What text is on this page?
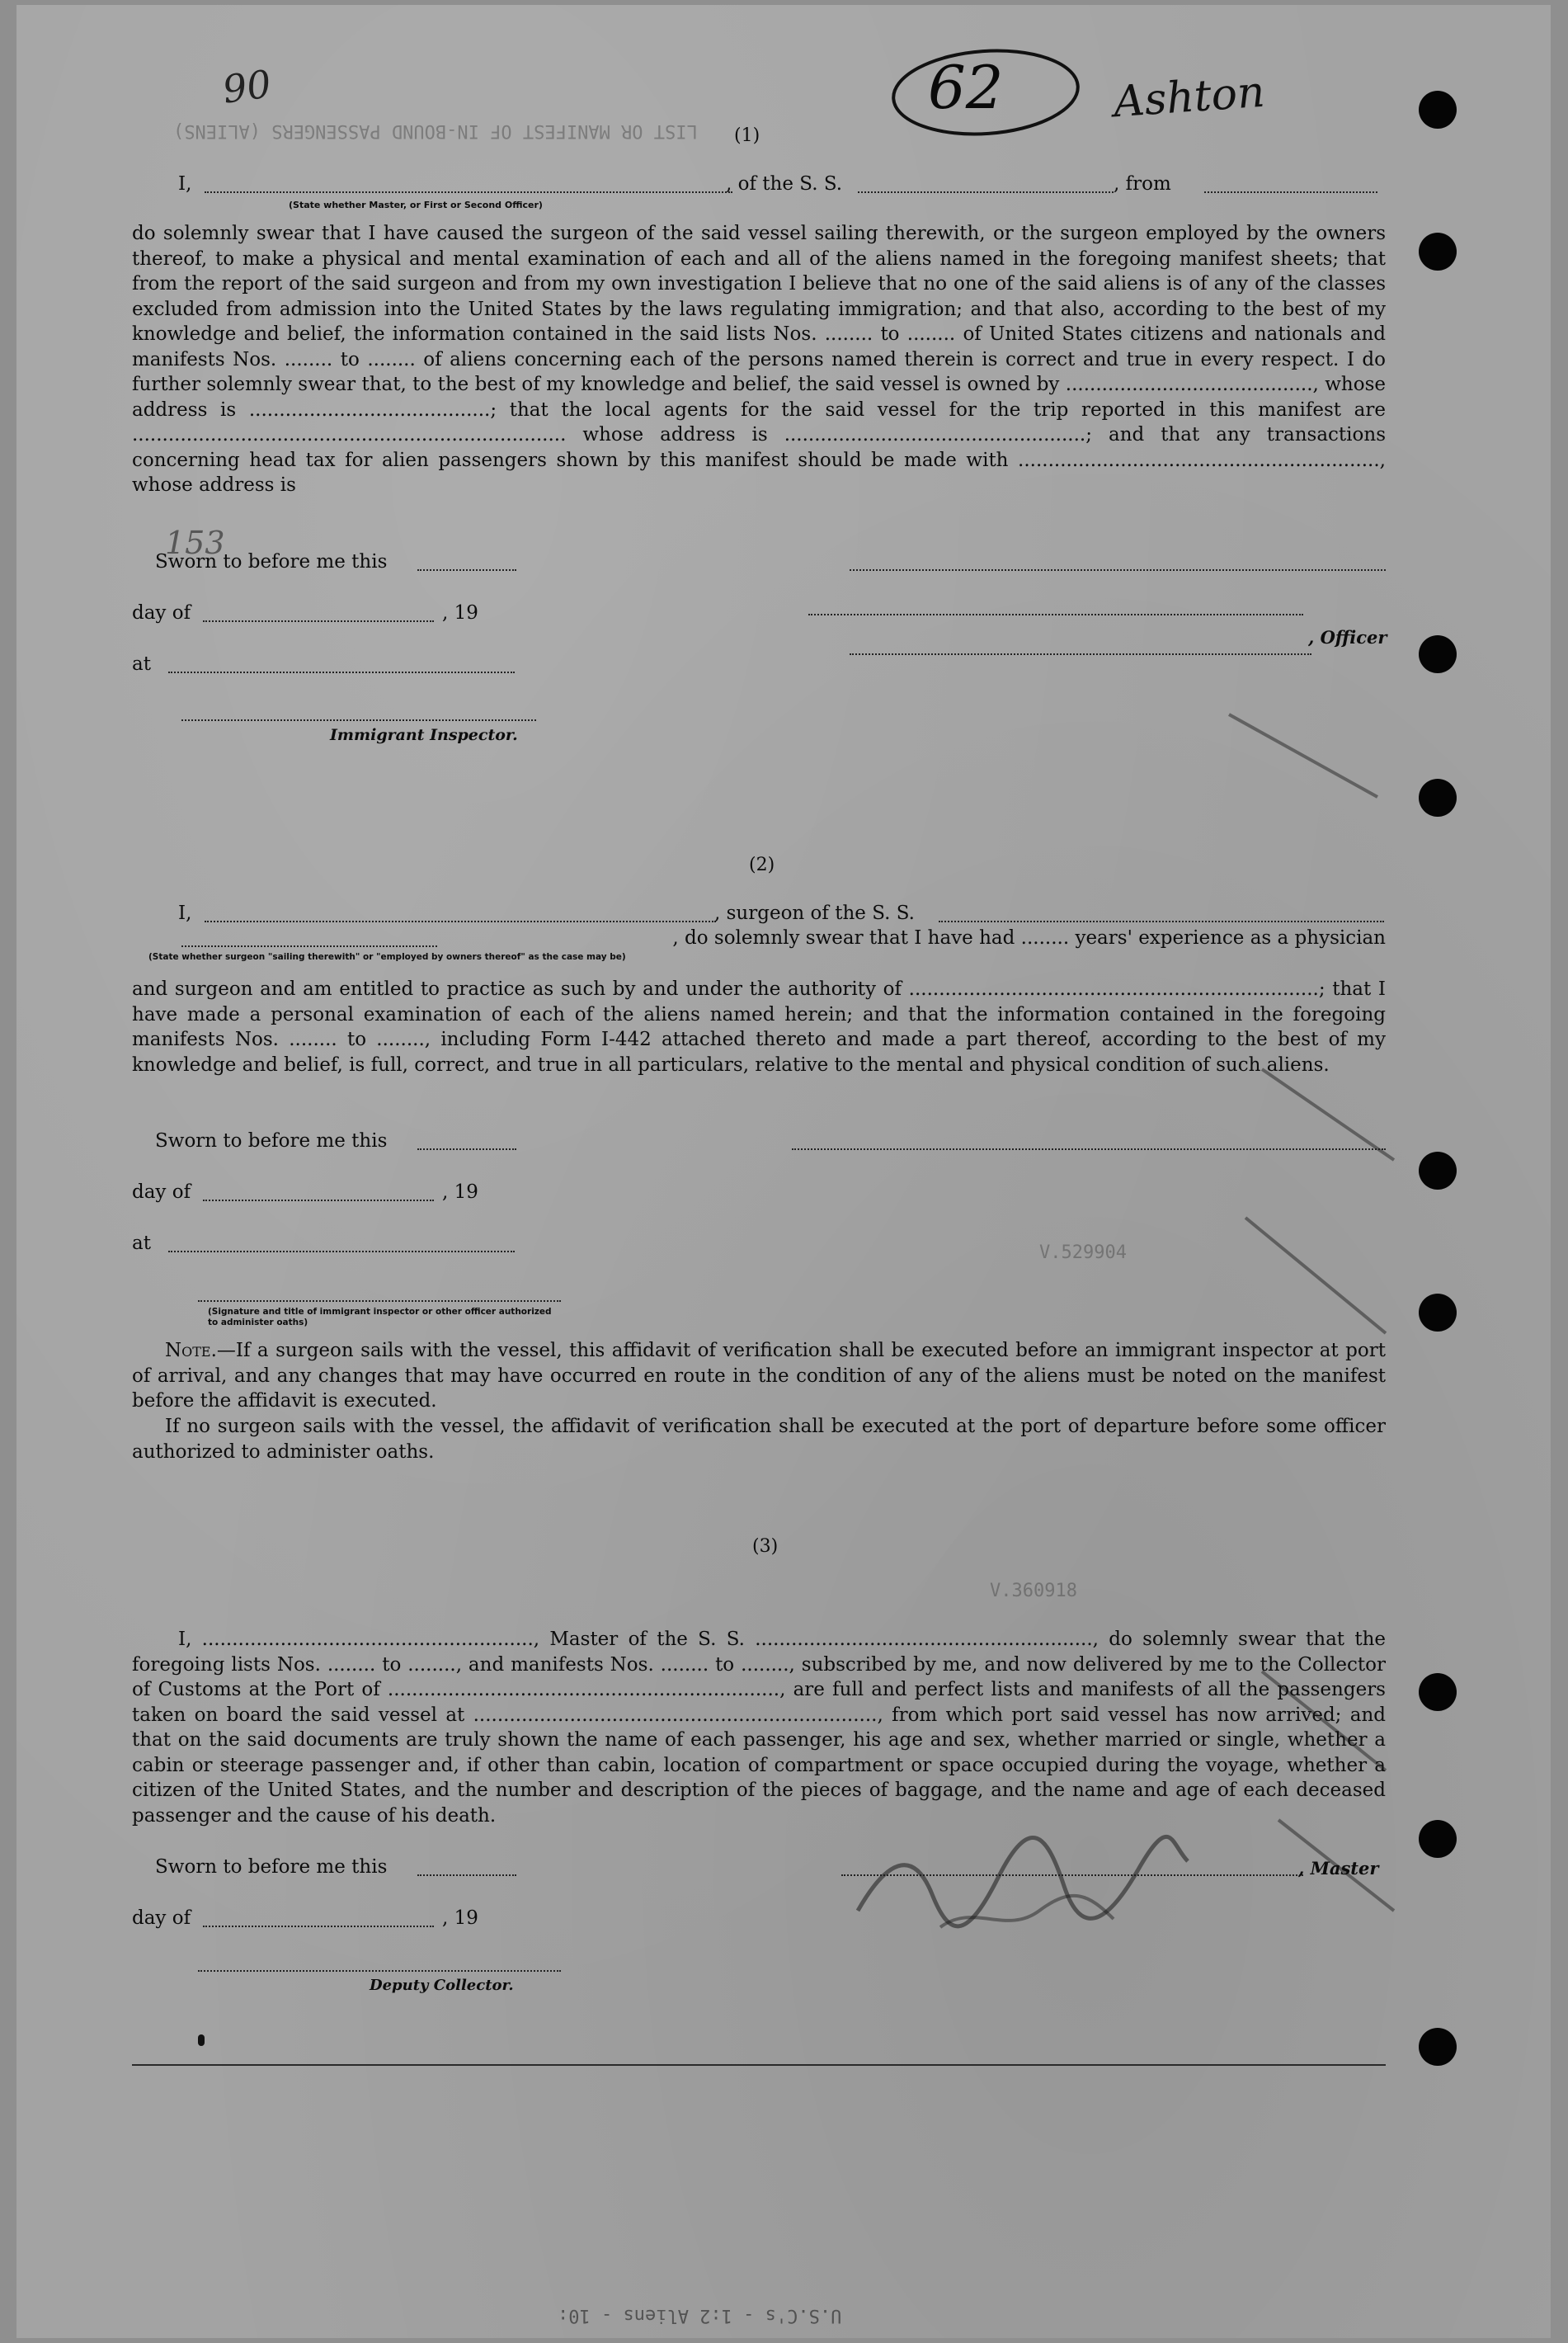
LIST OR MANIFEST OF IN-BOUND PASSENGERS (ALIENS)
V.529904
V.360918
90	62	Ashton
(1)
I,	, of the S. S.	, from
(State whether Master, or First or Second Officer)
do solemnly swear that I have caused the surgeon of the said vessel sailing therewith, or the surgeon employed by the owners thereof, to make a physical and mental examination of each and all of the aliens named in the foregoing manifest sheets; that from the report of the said surgeon and from my own investigation I believe that no one of the said aliens is of any of the classes excluded from admission into the United States by the laws regulating immigration; and that also, according to the best of my knowledge and belief, the information contained in the said lists Nos. ........ to ........ of United States citizens and nationals and manifests Nos. ........ to ........ of aliens concerning each of the persons named therein is correct and true in every respect. I do further solemnly swear that, to the best of my knowledge and belief, the said vessel is owned by ........................................., whose address is ........................................; that the local agents for the said vessel for the trip reported in this manifest are ........................................................................ whose address is ..................................................; and that any transactions concerning head tax for alien passengers shown by this manifest should be made with ............................................................, whose address is
153
Sworn to before me this
day of	, 19
, Officer
at
Immigrant Inspector.
(2)
I,	, surgeon of the S. S.
, do solemnly swear that I have had ........ years' experience as a physician
(State whether surgeon "sailing therewith" or "employed by owners thereof" as the case may be)
and surgeon and am entitled to practice as such by and under the authority of ....................................................................; that I have made a personal examination of each of the aliens named herein; and that the information contained in the foregoing manifests Nos. ........ to ........, including Form I-442 attached thereto and made a part thereof, according to the best of my knowledge and belief, is full, correct, and true in all particulars, relative to the mental and physical condition of such aliens.
Sworn to before me this
day of	, 19
at
(Signature and title of immigrant inspector or other officer authorized to administer oaths)
Note.—If a surgeon sails with the vessel, this affidavit of verification shall be executed before an immigrant inspector at port of arrival, and any changes that may have occurred en route in the condition of any of the aliens must be noted on the manifest before the affidavit is executed.
If no surgeon sails with the vessel, the affidavit of verification shall be executed at the port of departure before some officer authorized to administer oaths.
(3)
I, ......................................................., Master of the S. S. ........................................................, do solemnly swear that the foregoing lists Nos. ........ to ........, and manifests Nos. ........ to ........, subscribed by me, and now delivered by me to the Collector of Customs at the Port of ................................................................., are full and perfect lists and manifests of all the passengers taken on board the said vessel at ..................................................................., from which port said vessel has now arrived; and that on the said documents are truly shown the name of each passenger, his age and sex, whether married or single, whether a cabin or steerage passenger and, if other than cabin, location of compartment or space occupied during the voyage, whether a citizen of the United States, and the number and description of the pieces of baggage, and the name and age of each deceased passenger and the cause of his death.
Sworn to before me this	, Master
day of	, 19
Deputy Collector.
U.S.C's - 1:2 Aliens - 10:
